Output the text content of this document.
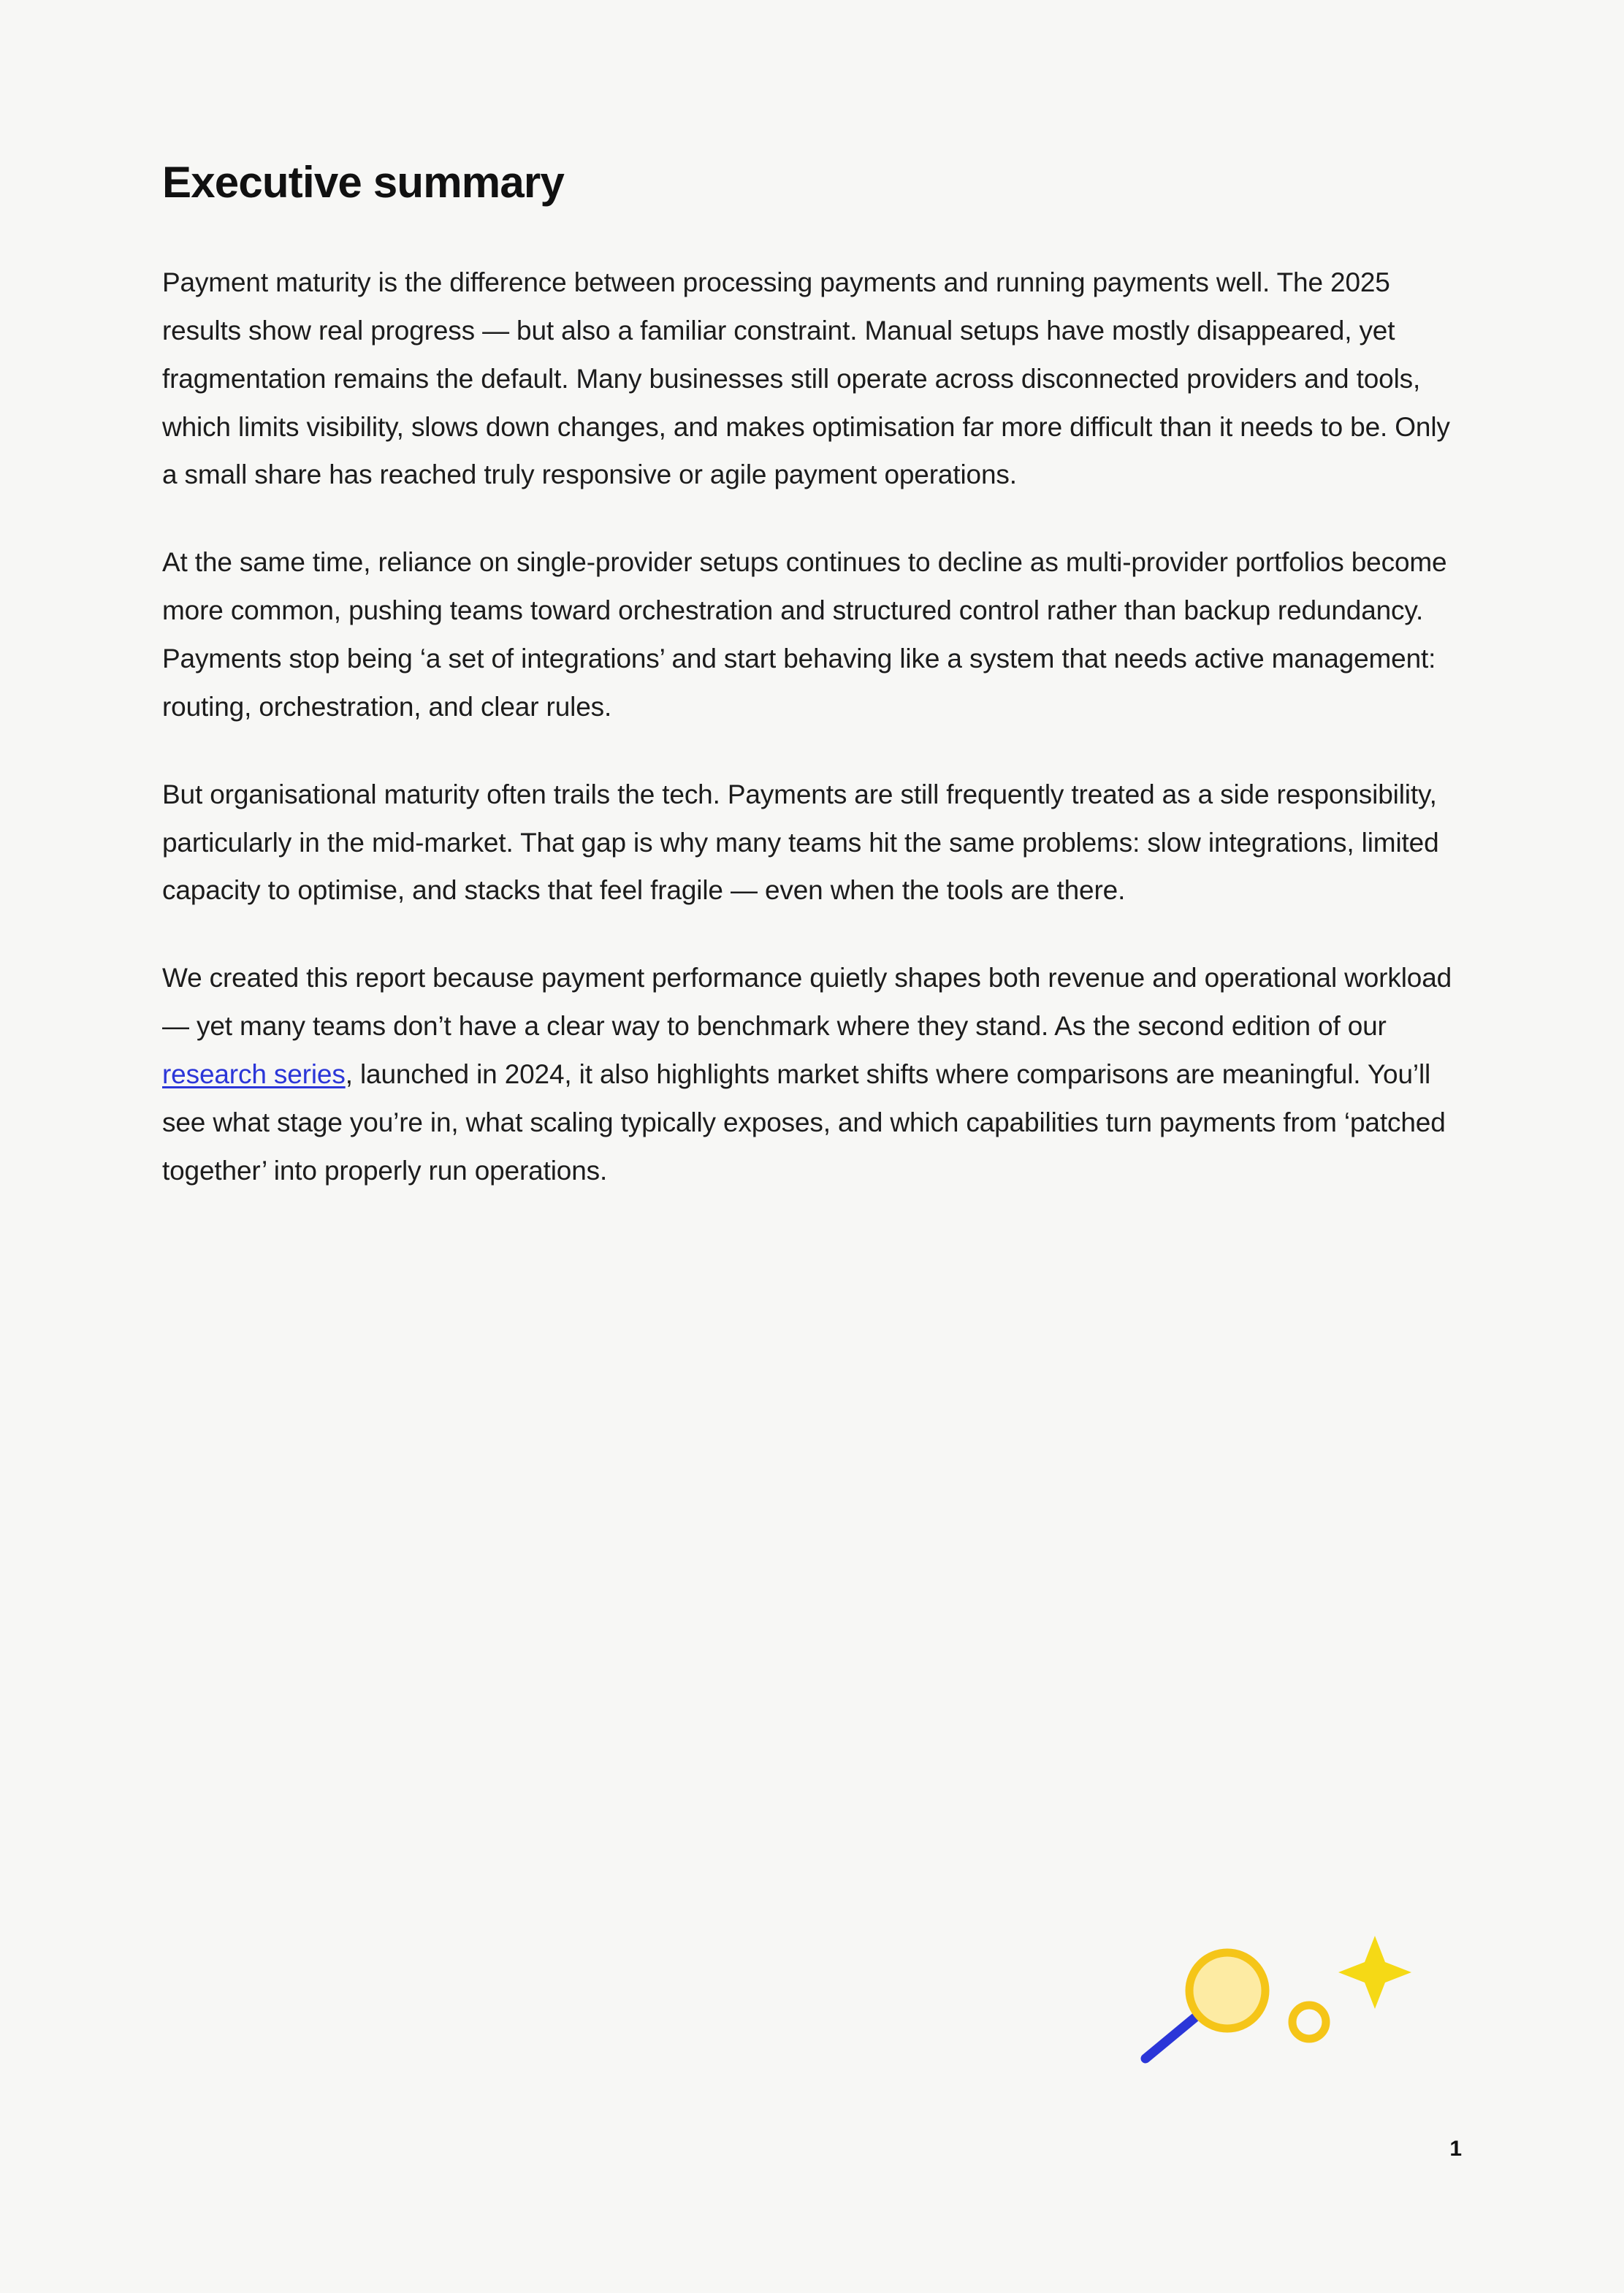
Executive summary

Payment maturity is the difference between processing payments and running payments well. The 2025 results show real progress — but also a familiar constraint. Manual setups have mostly disappeared, yet fragmentation remains the default. Many businesses still operate across disconnected providers and tools, which limits visibility, slows down changes, and makes optimisation far more difficult than it needs to be. Only a small share has reached truly responsive or agile payment operations.

At the same time, reliance on single-provider setups continues to decline as multi-provider portfolios become more common, pushing teams toward orchestration and structured control rather than backup redundancy. Payments stop being ‘a set of integrations’ and start behaving like a system that needs active management: routing, orchestration, and clear rules.

But organisational maturity often trails the tech. Payments are still frequently treated as a side responsibility, particularly in the mid-market. That gap is why many teams hit the same problems: slow integrations, limited capacity to optimise, and stacks that feel fragile — even when the tools are there.

We created this report because payment performance quietly shapes both revenue and operational workload — yet many teams don’t have a clear way to benchmark where they stand. As the second edition of our research series, launched in 2024, it also highlights market shifts where comparisons are meaningful. You’ll see what stage you’re in, what scaling typically exposes, and which capabilities turn payments from ‘patched together’ into properly run operations.

1
